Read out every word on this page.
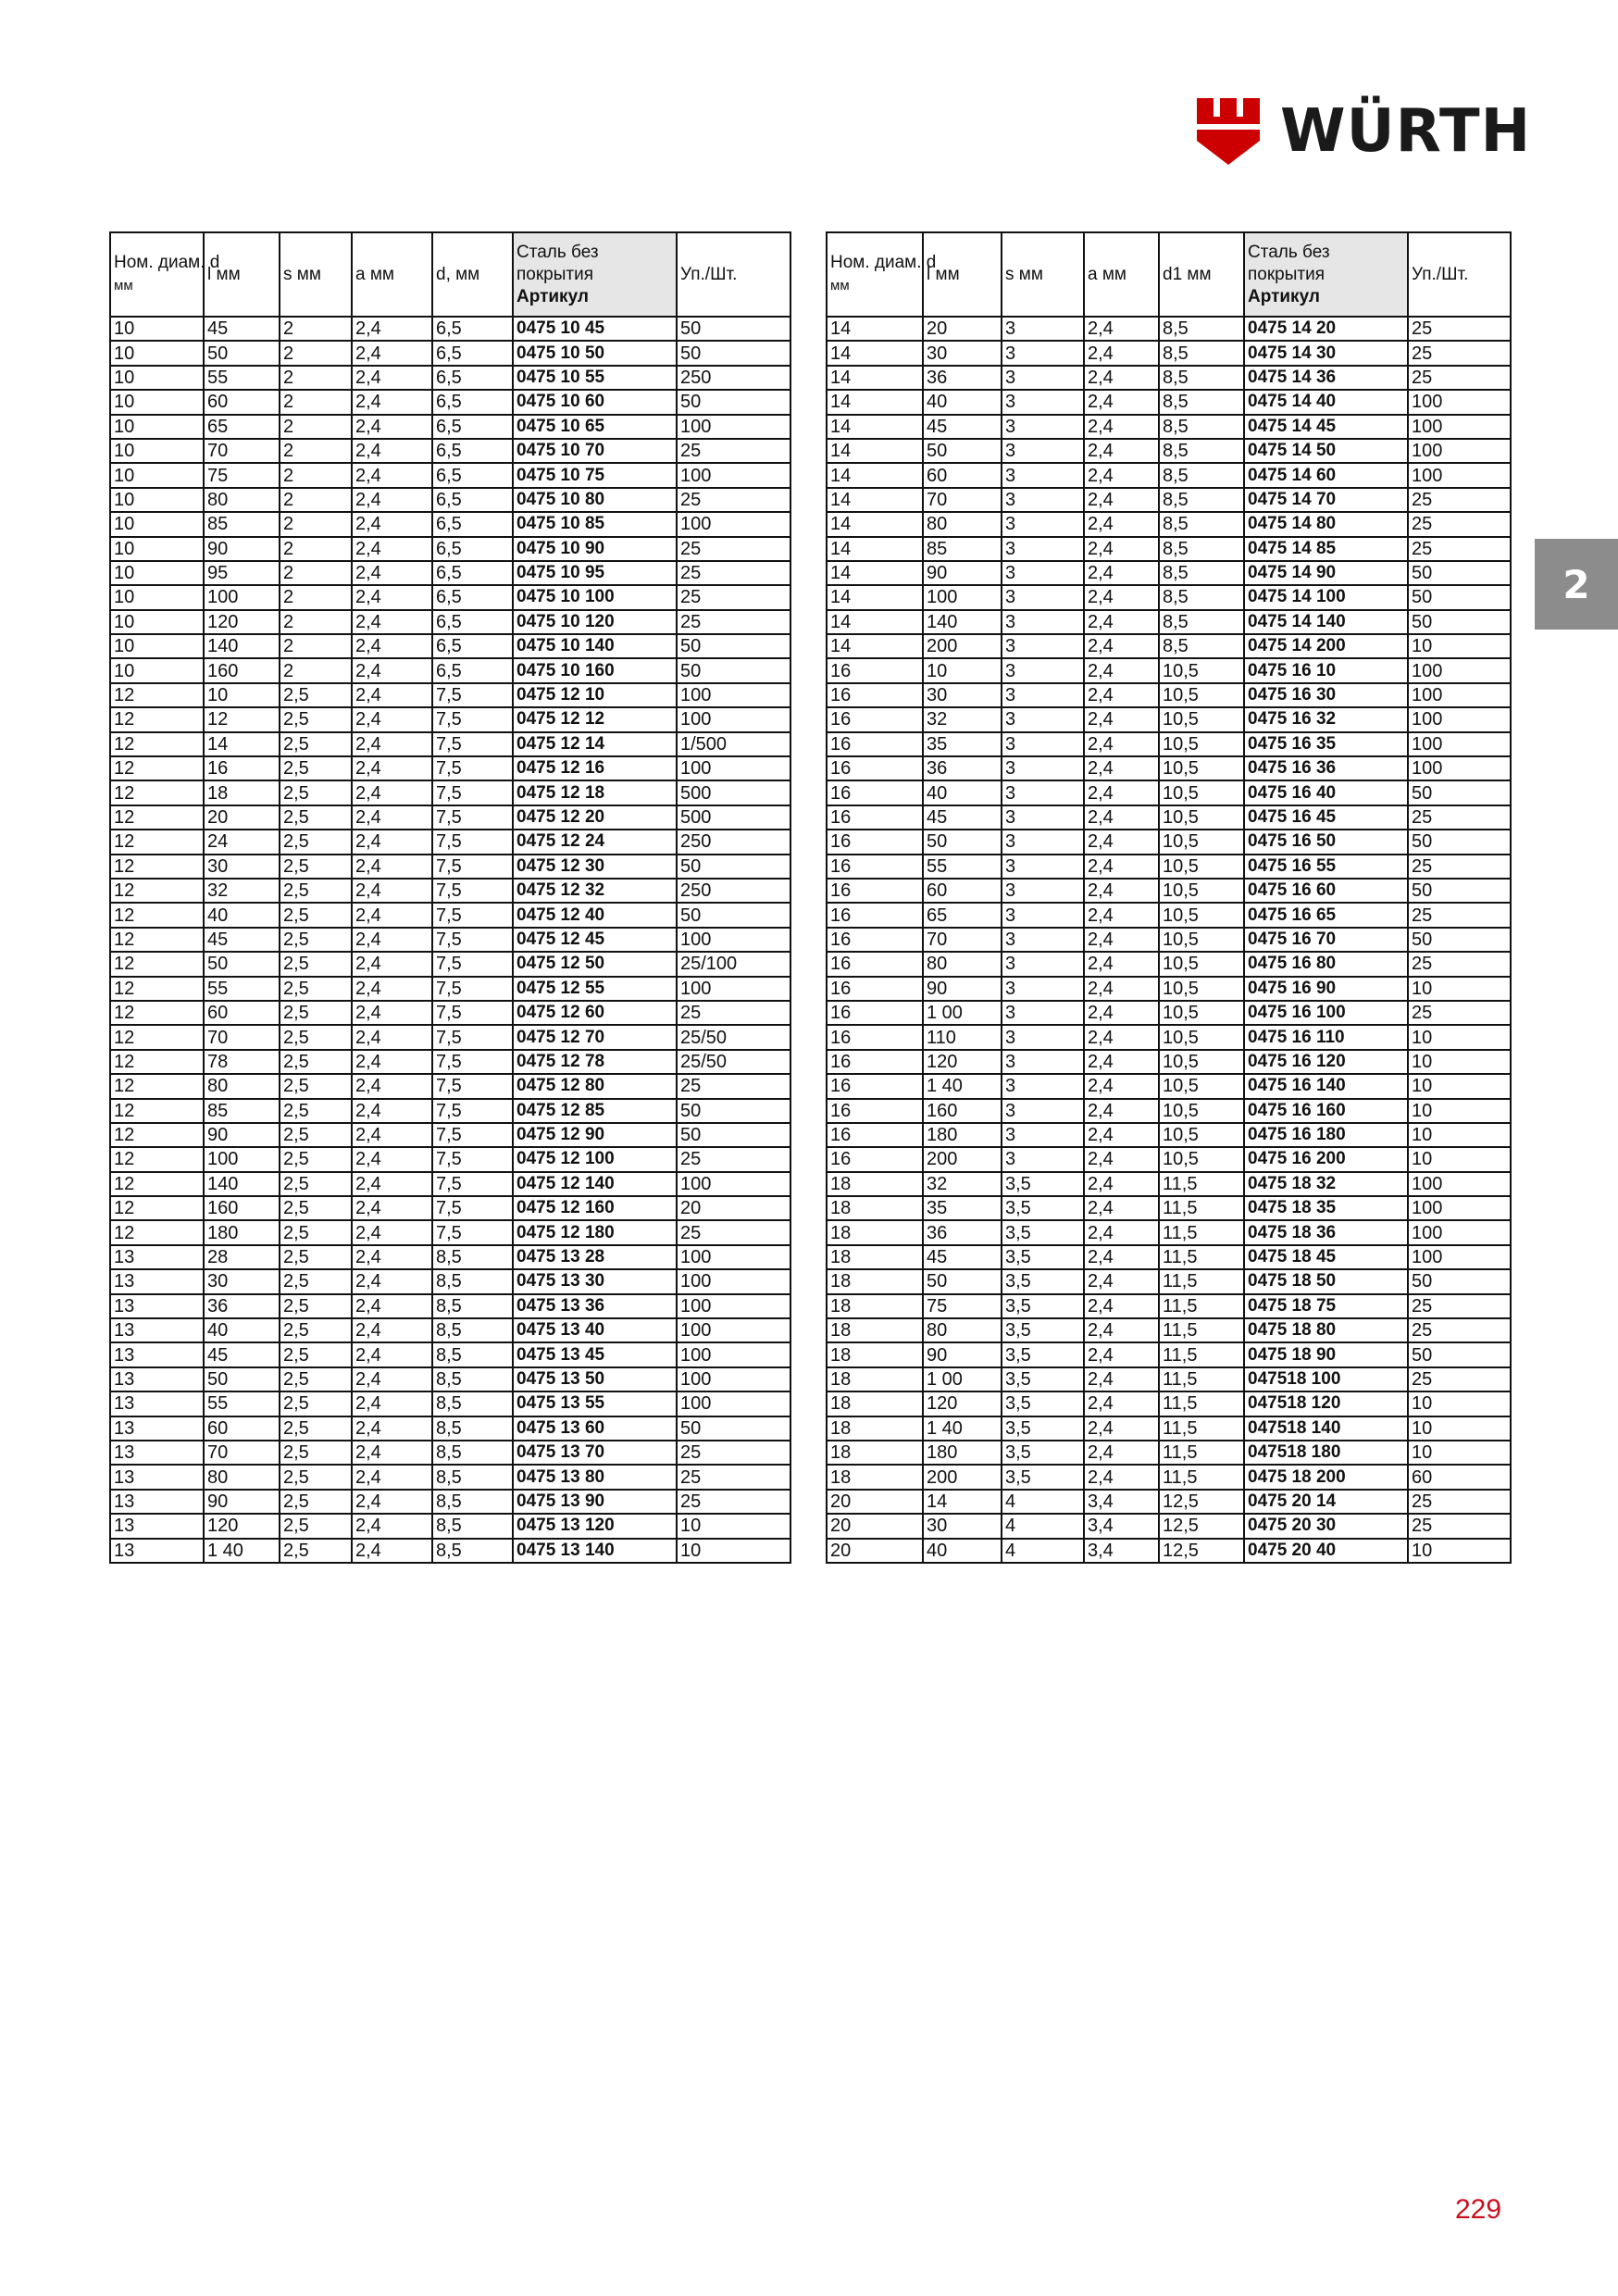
WÜRTH
2
Ном. диам. d
мм	l мм	s мм	a мм	d, мм	Сталь без покрытия
Артикул	Уп./Шт.
10	45	2	2,4	6,5	0475 10 45	50
10	50	2	2,4	6,5	0475 10 50	50
10	55	2	2,4	6,5	0475 10 55	250
10	60	2	2,4	6,5	0475 10 60	50
10	65	2	2,4	6,5	0475 10 65	100
10	70	2	2,4	6,5	0475 10 70	25
10	75	2	2,4	6,5	0475 10 75	100
10	80	2	2,4	6,5	0475 10 80	25
10	85	2	2,4	6,5	0475 10 85	100
10	90	2	2,4	6,5	0475 10 90	25
10	95	2	2,4	6,5	0475 10 95	25
10	100	2	2,4	6,5	0475 10 100	25
10	120	2	2,4	6,5	0475 10 120	25
10	140	2	2,4	6,5	0475 10 140	50
10	160	2	2,4	6,5	0475 10 160	50
12	10	2,5	2,4	7,5	0475 12 10	100
12	12	2,5	2,4	7,5	0475 12 12	100
12	14	2,5	2,4	7,5	0475 12 14	1/500
12	16	2,5	2,4	7,5	0475 12 16	100
12	18	2,5	2,4	7,5	0475 12 18	500
12	20	2,5	2,4	7,5	0475 12 20	500
12	24	2,5	2,4	7,5	0475 12 24	250
12	30	2,5	2,4	7,5	0475 12 30	50
12	32	2,5	2,4	7,5	0475 12 32	250
12	40	2,5	2,4	7,5	0475 12 40	50
12	45	2,5	2,4	7,5	0475 12 45	100
12	50	2,5	2,4	7,5	0475 12 50	25/100
12	55	2,5	2,4	7,5	0475 12 55	100
12	60	2,5	2,4	7,5	0475 12 60	25
12	70	2,5	2,4	7,5	0475 12 70	25/50
12	78	2,5	2,4	7,5	0475 12 78	25/50
12	80	2,5	2,4	7,5	0475 12 80	25
12	85	2,5	2,4	7,5	0475 12 85	50
12	90	2,5	2,4	7,5	0475 12 90	50
12	100	2,5	2,4	7,5	0475 12 100	25
12	140	2,5	2,4	7,5	0475 12 140	100
12	160	2,5	2,4	7,5	0475 12 160	20
12	180	2,5	2,4	7,5	0475 12 180	25
13	28	2,5	2,4	8,5	0475 13 28	100
13	30	2,5	2,4	8,5	0475 13 30	100
13	36	2,5	2,4	8,5	0475 13 36	100
13	40	2,5	2,4	8,5	0475 13 40	100
13	45	2,5	2,4	8,5	0475 13 45	100
13	50	2,5	2,4	8,5	0475 13 50	100
13	55	2,5	2,4	8,5	0475 13 55	100
13	60	2,5	2,4	8,5	0475 13 60	50
13	70	2,5	2,4	8,5	0475 13 70	25
13	80	2,5	2,4	8,5	0475 13 80	25
13	90	2,5	2,4	8,5	0475 13 90	25
13	120	2,5	2,4	8,5	0475 13 120	10
13	1 40	2,5	2,4	8,5	0475 13 140	10
Ном. диам. d
мм	l мм	s мм	a мм	d1 мм	Сталь без покрытия
Артикул	Уп./Шт.
14	20	3	2,4	8,5	0475 14 20	25
14	30	3	2,4	8,5	0475 14 30	25
14	36	3	2,4	8,5	0475 14 36	25
14	40	3	2,4	8,5	0475 14 40	100
14	45	3	2,4	8,5	0475 14 45	100
14	50	3	2,4	8,5	0475 14 50	100
14	60	3	2,4	8,5	0475 14 60	100
14	70	3	2,4	8,5	0475 14 70	25
14	80	3	2,4	8,5	0475 14 80	25
14	85	3	2,4	8,5	0475 14 85	25
14	90	3	2,4	8,5	0475 14 90	50
14	100	3	2,4	8,5	0475 14 100	50
14	140	3	2,4	8,5	0475 14 140	50
14	200	3	2,4	8,5	0475 14 200	10
16	10	3	2,4	10,5	0475 16 10	100
16	30	3	2,4	10,5	0475 16 30	100
16	32	3	2,4	10,5	0475 16 32	100
16	35	3	2,4	10,5	0475 16 35	100
16	36	3	2,4	10,5	0475 16 36	100
16	40	3	2,4	10,5	0475 16 40	50
16	45	3	2,4	10,5	0475 16 45	25
16	50	3	2,4	10,5	0475 16 50	50
16	55	3	2,4	10,5	0475 16 55	25
16	60	3	2,4	10,5	0475 16 60	50
16	65	3	2,4	10,5	0475 16 65	25
16	70	3	2,4	10,5	0475 16 70	50
16	80	3	2,4	10,5	0475 16 80	25
16	90	3	2,4	10,5	0475 16 90	10
16	1 00	3	2,4	10,5	0475 16 100	25
16	110	3	2,4	10,5	0475 16 110	10
16	120	3	2,4	10,5	0475 16 120	10
16	1 40	3	2,4	10,5	0475 16 140	10
16	160	3	2,4	10,5	0475 16 160	10
16	180	3	2,4	10,5	0475 16 180	10
16	200	3	2,4	10,5	0475 16 200	10
18	32	3,5	2,4	11,5	0475 18 32	100
18	35	3,5	2,4	11,5	0475 18 35	100
18	36	3,5	2,4	11,5	0475 18 36	100
18	45	3,5	2,4	11,5	0475 18 45	100
18	50	3,5	2,4	11,5	0475 18 50	50
18	75	3,5	2,4	11,5	0475 18 75	25
18	80	3,5	2,4	11,5	0475 18 80	25
18	90	3,5	2,4	11,5	0475 18 90	50
18	1 00	3,5	2,4	11,5	047518 100	25
18	120	3,5	2,4	11,5	047518 120	10
18	1 40	3,5	2,4	11,5	047518 140	10
18	180	3,5	2,4	11,5	047518 180	10
18	200	3,5	2,4	11,5	0475 18 200	60
20	14	4	3,4	12,5	0475 20 14	25
20	30	4	3,4	12,5	0475 20 30	25
20	40	4	3,4	12,5	0475 20 40	10
229
